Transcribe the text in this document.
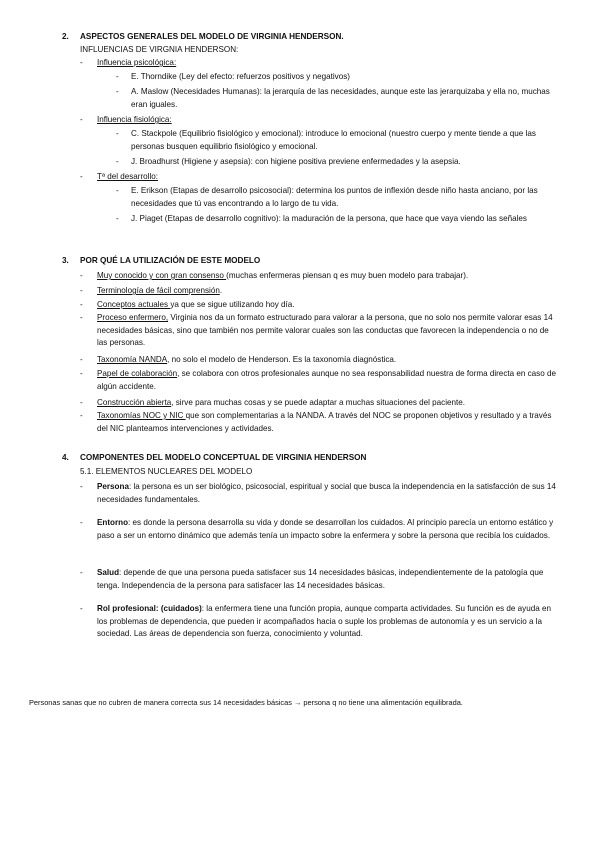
2. ASPECTOS GENERALES DEL MODELO DE VIRGINIA HENDERSON.
INFLUENCIAS DE VIRGNIA HENDERSON:
- Influencia psicológica:
- E. Thorndike (Ley del efecto: refuerzos positivos y negativos)
- A. Maslow (Necesidades Humanas): la jerarquía de las necesidades, aunque este las jerarquizaba y ella no, muchas eran iguales.
- Influencia fisiológica:
- C. Stackpole (Equilibrio fisiológico y emocional): introduce lo emocional (nuestro cuerpo y mente tiende a que las personas busquen equilibrio fisiológico y emocional.
- J. Broadhurst (Higiene y asepsia): con higiene positiva previene enfermedades y la asepsia.
- Tª del desarrollo:
- E. Erikson (Etapas de desarrollo psicosocial): determina los puntos de inflexión desde niño hasta anciano, por las necesidades que tú vas encontrando a lo largo de tu vida.
- J. Piaget (Etapas de desarrollo cognitivo): la maduración de la persona, que hace que vaya viendo las señales
3. POR QUÉ LA UTILIZACIÓN DE ESTE MODELO
- Muy conocido y con gran consenso (muchas enfermeras piensan q es muy buen modelo para trabajar).
- Terminología de fácil comprensión.
- Conceptos actuales ya que se sigue utilizando hoy día.
- Proceso enfermero, Virginia nos da un formato estructurado para valorar a la persona, que no solo nos permite valorar esas 14 necesidades básicas, sino que también nos permite valorar cuales son las conductas que favorecen la independencia o no de las personas.
- Taxonomía NANDA, no solo el modelo de Henderson. Es la taxonomía diagnóstica.
- Papel de colaboración, se colabora con otros profesionales aunque no sea responsabilidad nuestra de forma directa en caso de algún accidente.
- Construcción abierta, sirve para muchas cosas y se puede adaptar a muchas situaciones del paciente.
- Taxonomías NOC y NIC que son complementarias a la NANDA. A través del NOC se proponen objetivos y resultado y a través del NIC planteamos intervenciones y actividades.
4. COMPONENTES DEL MODELO CONCEPTUAL DE VIRGINIA HENDERSON
5.1. ELEMENTOS NUCLEARES DEL MODELO
- Persona: la persona es un ser biológico, psicosocial, espiritual y social que busca la independencia en la satisfacción de sus 14 necesidades fundamentales.
- Entorno: es donde la persona desarrolla su vida y donde se desarrollan los cuidados. Al principio parecía un entorno estático y paso a ser un entorno dinámico que además tenía un impacto sobre la enfermera y sobre la persona que recibía los cuidados.
- Salud: depende de que una persona pueda satisfacer sus 14 necesidades básicas, independientemente de la patología que tenga. Independencia de la persona para satisfacer las 14 necesidades básicas.
- Rol profesional: (cuidados): la enfermera tiene una función propia, aunque comparta actividades. Su función es de ayuda en los problemas de dependencia, que pueden ir acompañados hacia o suple los problemas de autonomía y es un servicio a la sociedad. Las áreas de dependencia son fuerza, conocimiento y voluntad.
Personas sanas que no cubren de manera correcta sus 14 necesidades básicas → persona q no tiene una alimentación equilibrada.
